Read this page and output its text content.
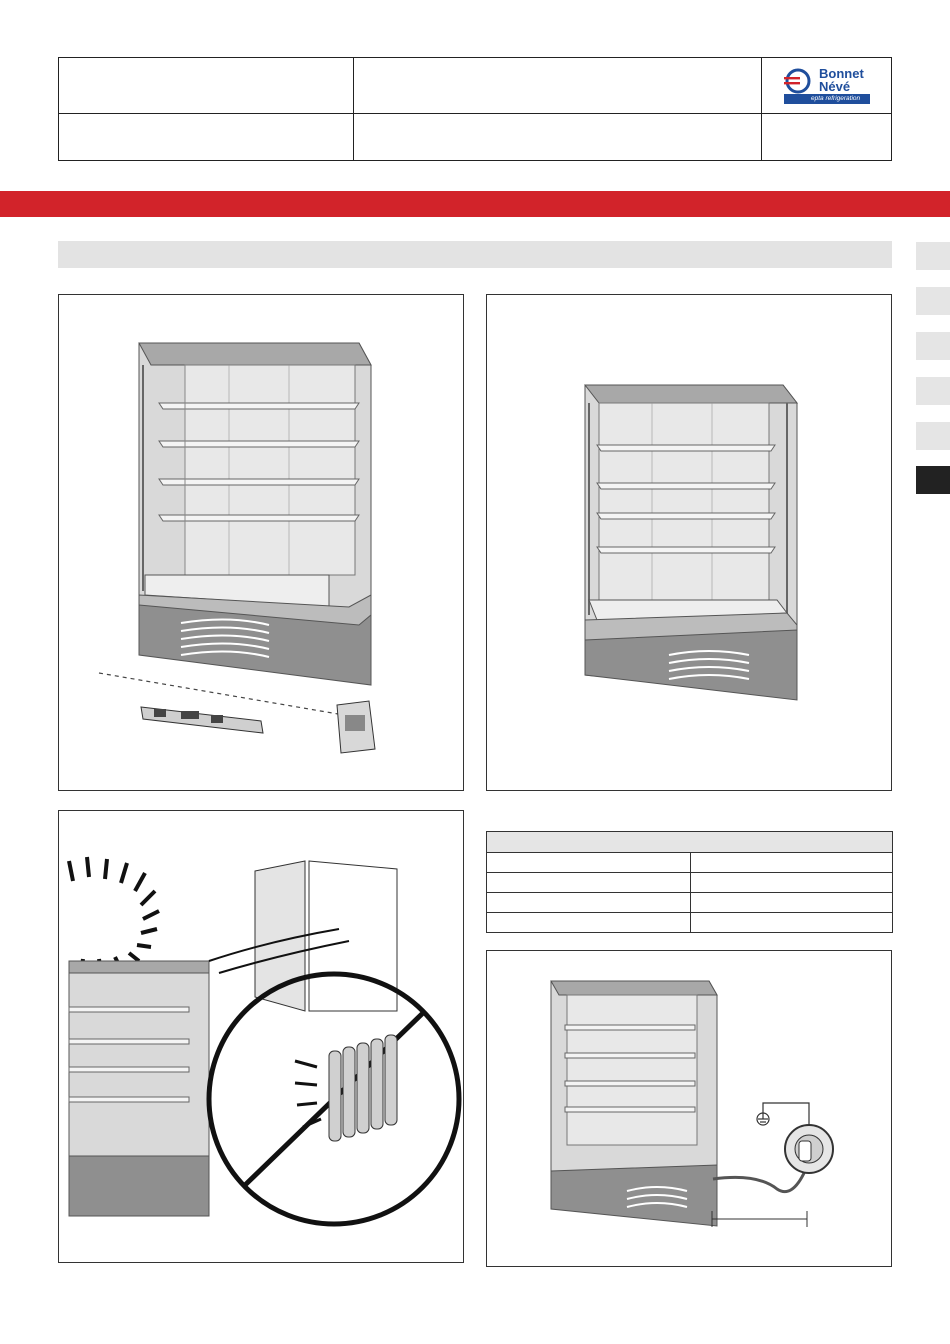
Bonnet
Névé
epta refrigeration
